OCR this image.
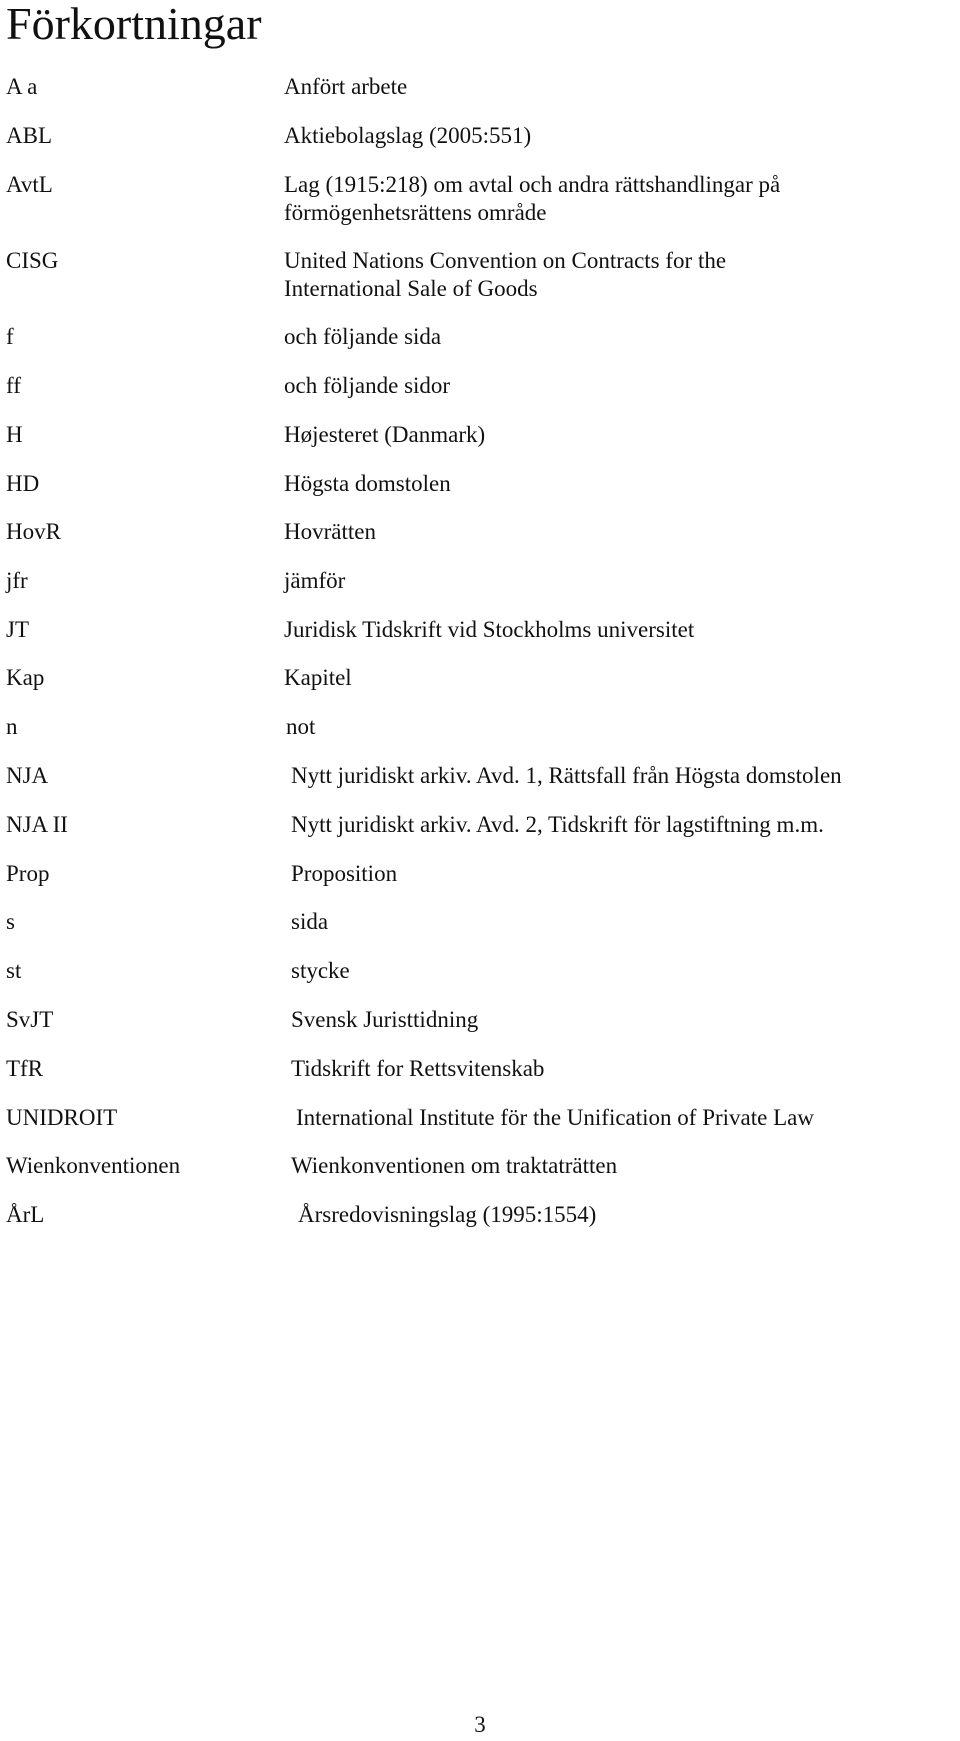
Förkortningar
A a	Anfört arbete
ABL	Aktiebolagslag (2005:551)
AvtL	Lag (1915:218) om avtal och andra rättshandlingar på
förmögenhetsrättens område
CISG	United Nations Convention on Contracts for the
International Sale of Goods
f	och följande sida
ff	och följande sidor
H	Højesteret (Danmark)
HD	Högsta domstolen
HovR	Hovrätten
jfr	jämför
JT	Juridisk Tidskrift vid Stockholms universitet
Kap	Kapitel
n	not
NJA	Nytt juridiskt arkiv. Avd. 1, Rättsfall från Högsta domstolen
NJA II	Nytt juridiskt arkiv. Avd. 2, Tidskrift för lagstiftning m.m.
Prop	Proposition
s	sida
st	stycke
SvJT	Svensk Juristtidning
TfR	Tidskrift for Rettsvitenskab
UNIDROIT	International Institute för the Unification of Private Law
Wienkonventionen	Wienkonventionen om traktaträtten
ÅrL	Årsredovisningslag (1995:1554)
3
